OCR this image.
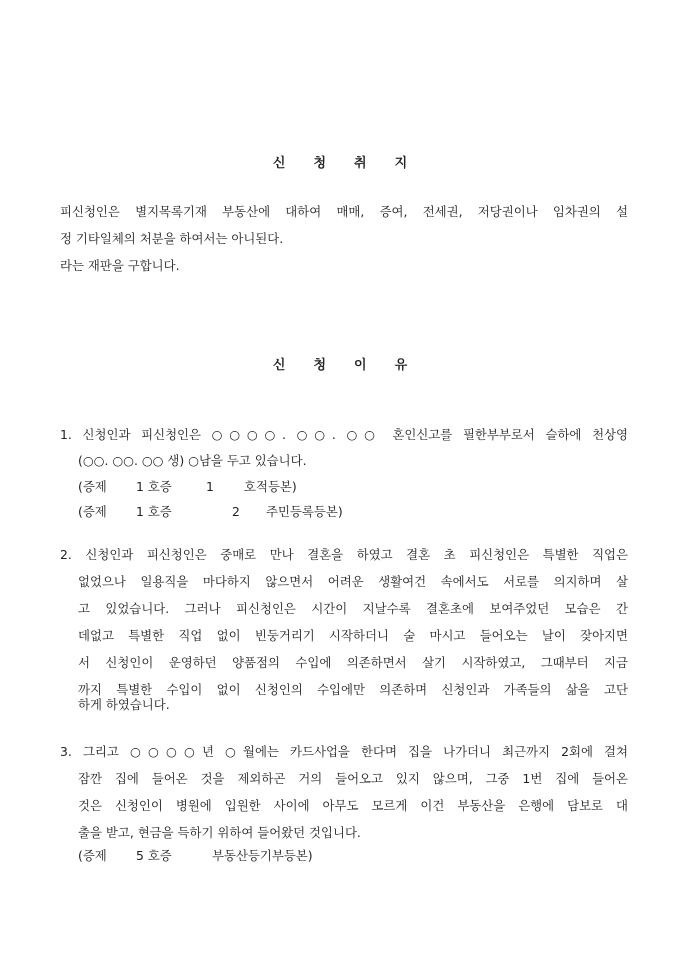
신 청 취 지
피신청인은 별지목록기재 부동산에 대하여 매매, 증여, 전세권, 저당권이나 임차권의 설
정 기타일체의 처분을 하여서는 아니된다.
라는 재판을 구합니다.
신 청 이 유
1. 신청인과 피신청인은 ○○○○. ○○. ○○ 혼인신고를 필한부부로서 슬하에 천상영
(○○. ○○. ○○ 생) ○남을 두고 있습니다.
(증제 1 호증	1 호적등본)
(증제 1 호증	2 주민등록등본)
2. 신청인과 피신청인은 중매로 만나 결혼을 하였고 결혼 초 피신청인은 특별한 직업은
없었으나 일용직을 마다하지 않으면서 어려운 생활여건 속에서도 서로를 의지하며 살
고 있었습니다. 그러나 피신청인은 시간이 지날수록 결혼초에 보여주었던 모습은 간
데없고 특별한 직업 없이 빈둥거리기 시작하더니 술 마시고 들어오는 날이 잦아지면
서 신청인이 운영하던 양품점의 수입에 의존하면서 살기 시작하였고, 그때부터 지금
까지 특별한 수입이 없이 신청인의 수입에만 의존하며 신청인과 가족들의 삶을 고단
하게 하였습니다.
3. 그리고 ○○○○년 ○월에는 카드사업을 한다며 집을 나가더니 최근까지 2회에 걸쳐
잠깐 집에 들어온 것을 제외하곤 거의 들어오고 있지 않으며, 그중 1번 집에 들어온
것은 신청인이 병원에 입원한 사이에 아무도 모르게 이건 부동산을 은행에 담보로 대
출을 받고, 현금을 득하기 위하여 들어왔던 것입니다.
(증제 5 호증	부동산등기부등본)
